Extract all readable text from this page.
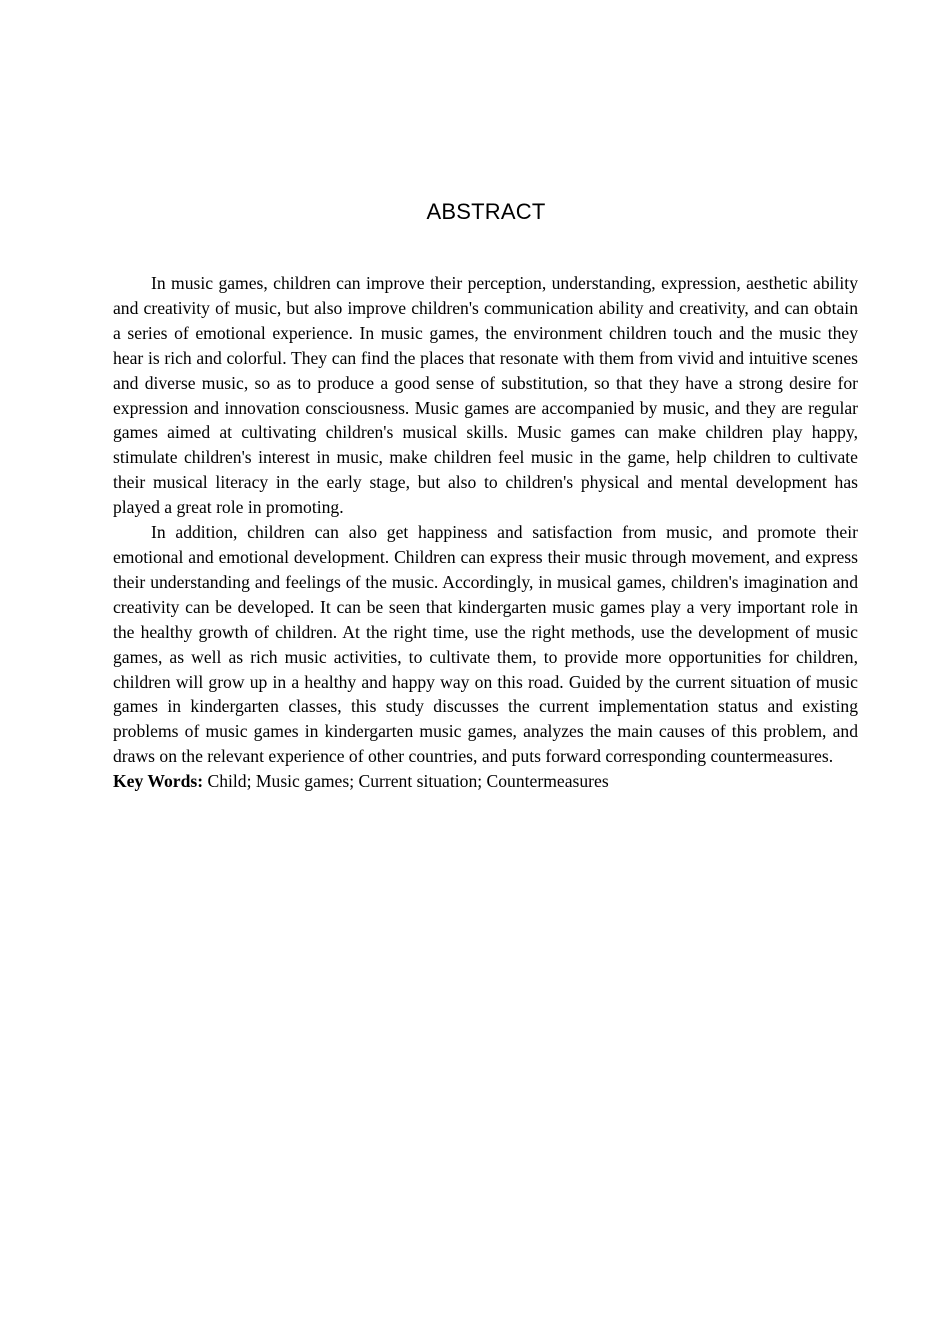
ABSTRACT

In music games, children can improve their perception, understanding, expression, aesthetic ability and creativity of music, but also improve children's communication ability and creativity, and can obtain a series of emotional experience. In music games, the environment children touch and the music they hear is rich and colorful. They can find the places that resonate with them from vivid and intuitive scenes and diverse music, so as to produce a good sense of substitution, so that they have a strong desire for expression and innovation consciousness. Music games are accompanied by music, and they are regular games aimed at cultivating children's musical skills. Music games can make children play happy, stimulate children's interest in music, make children feel music in the game, help children to cultivate their musical literacy in the early stage, but also to children's physical and mental development has played a great role in promoting.

In addition, children can also get happiness and satisfaction from music, and promote their emotional and emotional development. Children can express their music through movement, and express their understanding and feelings of the music. Accordingly, in musical games, children's imagination and creativity can be developed. It can be seen that kindergarten music games play a very important role in the healthy growth of children. At the right time, use the right methods, use the development of music games, as well as rich music activities, to cultivate them, to provide more opportunities for children, children will grow up in a healthy and happy way on this road. Guided by the current situation of music games in kindergarten classes, this study discusses the current implementation status and existing problems of music games in kindergarten music games, analyzes the main causes of this problem, and draws on the relevant experience of other countries, and puts forward corresponding countermeasures.

Key Words: Child; Music games; Current situation; Countermeasures
